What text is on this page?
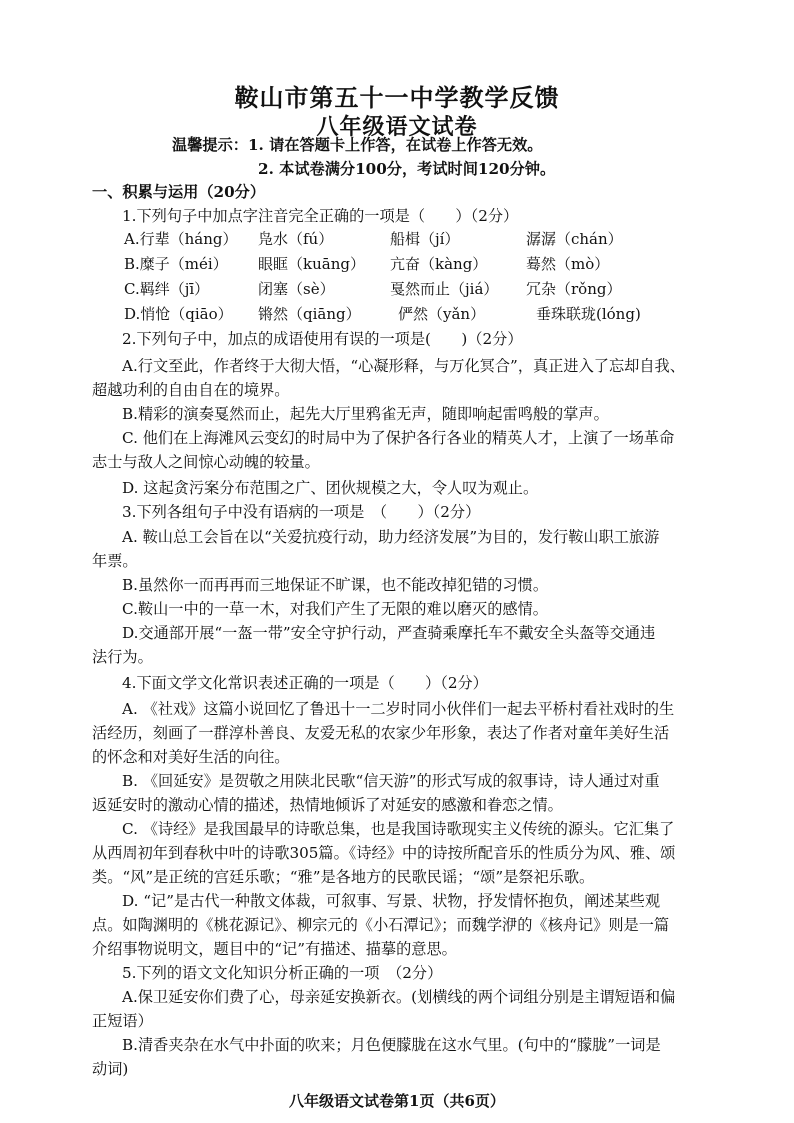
鞍山市第五十一中学教学反馈
八年级语文试卷
温馨提示：1. 请在答题卡上作答，在试卷上作答无效。
2. 本试卷满分100分，考试时间120分钟。
一、积累与运用（20分）
1.下列句子中加点字注音完全正确的一项是（　　）（2分）
A.行辈（háng） 凫水（fú）	船楫（jí）	潺潺（chán）
B.糜子（méi） 眼眶（kuāng） 亢奋（kàng）	蓦然（mò）
C.羁绊（jī）	闭塞（sè）	戛然而止（jiá） 冗杂（rǒng）
D.悄怆（qiāo） 锵然（qiāng） 俨然（yǎn）	垂珠联珑(lóng)
2.下列句子中，加点的成语使用有误的一项是(　　)（2分）
A.行文至此，作者终于大彻大悟，“心凝形释，与万化冥合”，真正进入了忘却自我、
超越功利的自由自在的境界。
B.精彩的演奏戛然而止，起先大厅里鸦雀无声，随即响起雷鸣般的掌声。
C. 他们在上海滩风云变幻的时局中为了保护各行各业的精英人才，上演了一场革命
志士与敌人之间惊心动魄的较量。
D. 这起贪污案分布范围之广、团伙规模之大，令人叹为观止。
3.下列各组句子中没有语病的一项是　（　　）（2分）
A. 鞍山总工会旨在以“关爱抗疫行动，助力经济发展”为目的，发行鞍山职工旅游
年票。
B.虽然你一而再再而三地保证不旷课，也不能改掉犯错的习惯。
C.鞍山一中的一草一木，对我们产生了无限的难以磨灭的感情。
D.交通部开展“一盔一带”安全守护行动，严查骑乘摩托车不戴安全头盔等交通违
法行为。
4.下面文学文化常识表述正确的一项是（　　）（2分）
A. 《社戏》这篇小说回忆了鲁迅十一二岁时同小伙伴们一起去平桥村看社戏时的生
活经历，刻画了一群淳朴善良、友爱无私的农家少年形象，表达了作者对童年美好生活
的怀念和对美好生活的向往。
B. 《回延安》是贺敬之用陕北民歌“信天游”的形式写成的叙事诗，诗人通过对重
返延安时的激动心情的描述，热情地倾诉了对延安的感激和眷恋之情。
C. 《诗经》是我国最早的诗歌总集，也是我国诗歌现实主义传统的源头。它汇集了
从西周初年到春秋中叶的诗歌305篇。《诗经》中的诗按所配音乐的性质分为风、雅、颂
类。“风”是正统的宫廷乐歌；“雅”是各地方的民歌民谣；“颂”是祭祀乐歌。
D. “记”是古代一种散文体裁，可叙事、写景、状物，抒发情怀抱负，阐述某些观
点。如陶渊明的《桃花源记》、柳宗元的《小石潭记》；而魏学洢的《核舟记》则是一篇
介绍事物说明文，题目中的“记”有描述、描摹的意思。
5.下列的语文文化知识分析正确的一项　（2分）
A.保卫延安你们费了心，母亲延安换新衣。(划横线的两个词组分别是主谓短语和偏
正短语）
B.清香夹杂在水气中扑面的吹来；月色便朦胧在这水气里。(句中的“朦胧”一词是
动词)
八年级语文试卷第1页（共6页）
